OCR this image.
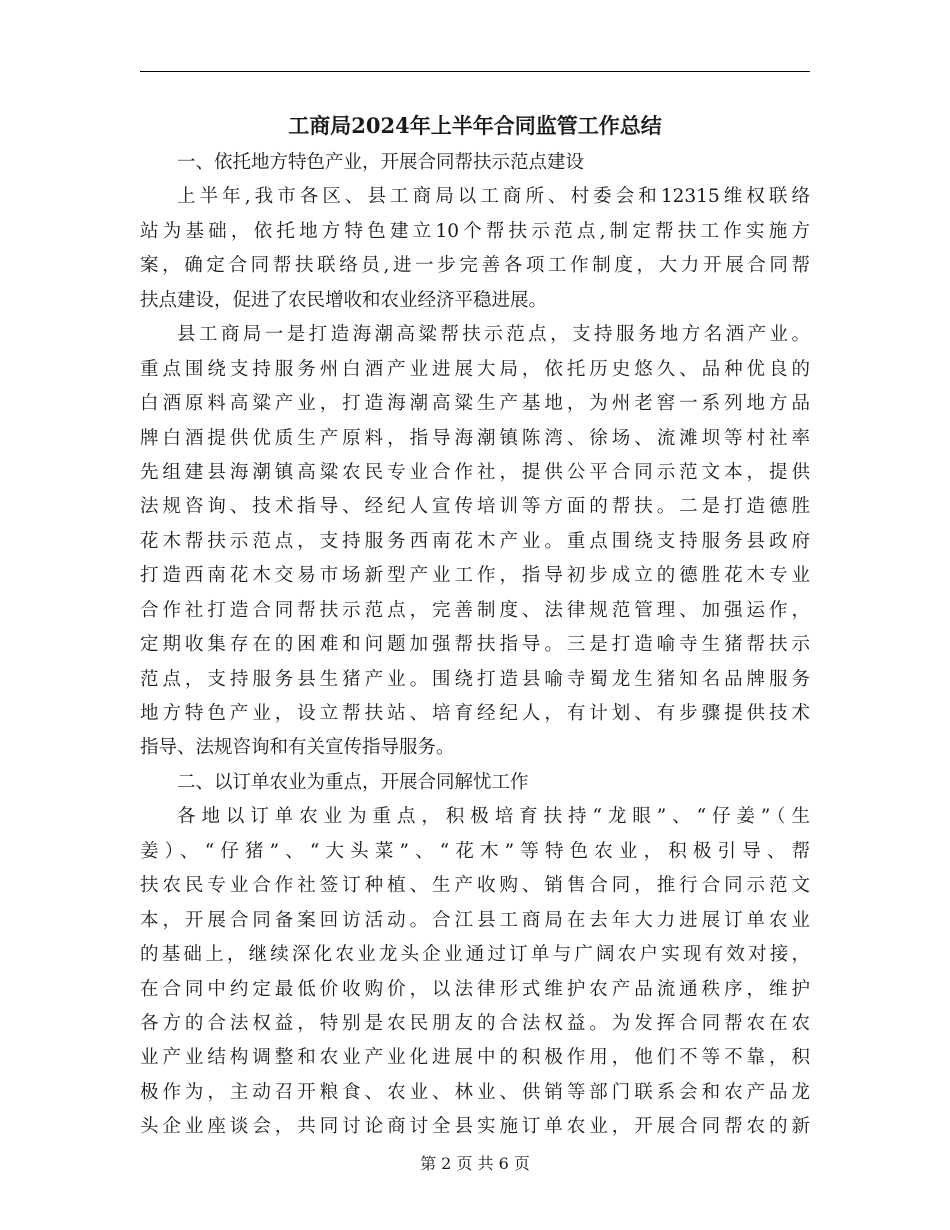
工商局2024年上半年合同监管工作总结
一、依托地方特色产业，开展合同帮扶示范点建设
上半年,我市各区、县工商局以工商所、村委会和12315维权联络
站为基础，依托地方特色建立10个帮扶示范点,制定帮扶工作实施方
案，确定合同帮扶联络员,进一步完善各项工作制度，大力开展合同帮
扶点建设，促进了农民增收和农业经济平稳进展。
县工商局一是打造海潮高粱帮扶示范点，支持服务地方名酒产业。
重点围绕支持服务州白酒产业进展大局，依托历史悠久、品种优良的
白酒原料高粱产业，打造海潮高粱生产基地，为州老窖一系列地方品
牌白酒提供优质生产原料，指导海潮镇陈湾、徐场、流滩坝等村社率
先组建县海潮镇高粱农民专业合作社，提供公平合同示范文本，提供
法规咨询、技术指导、经纪人宣传培训等方面的帮扶。二是打造德胜
花木帮扶示范点，支持服务西南花木产业。重点围绕支持服务县政府
打造西南花木交易市场新型产业工作，指导初步成立的德胜花木专业
合作社打造合同帮扶示范点，完善制度、法律规范管理、加强运作，
定期收集存在的困难和问题加强帮扶指导。三是打造喻寺生猪帮扶示
范点，支持服务县生猪产业。围绕打造县喻寺蜀龙生猪知名品牌服务
地方特色产业，设立帮扶站、培育经纪人，有计划、有步骤提供技术
指导、法规咨询和有关宣传指导服务。
二、以订单农业为重点，开展合同解忧工作
各地以订单农业为重点，积极培育扶持“龙眼”、“仔姜”（生
姜）、“仔猪”、“大头菜”、“花木”等特色农业，积极引导、帮
扶农民专业合作社签订种植、生产收购、销售合同，推行合同示范文
本，开展合同备案回访活动。合江县工商局在去年大力进展订单农业
的基础上，继续深化农业龙头企业通过订单与广阔农户实现有效对接，
在合同中约定最低价收购价，以法律形式维护农产品流通秩序，维护
各方的合法权益，特别是农民朋友的合法权益。为发挥合同帮农在农
业产业结构调整和农业产业化进展中的积极作用，他们不等不靠，积
极作为，主动召开粮食、农业、林业、供销等部门联系会和农产品龙
头企业座谈会，共同讨论商讨全县实施订单农业，开展合同帮农的新
第 2 页 共 6 页
